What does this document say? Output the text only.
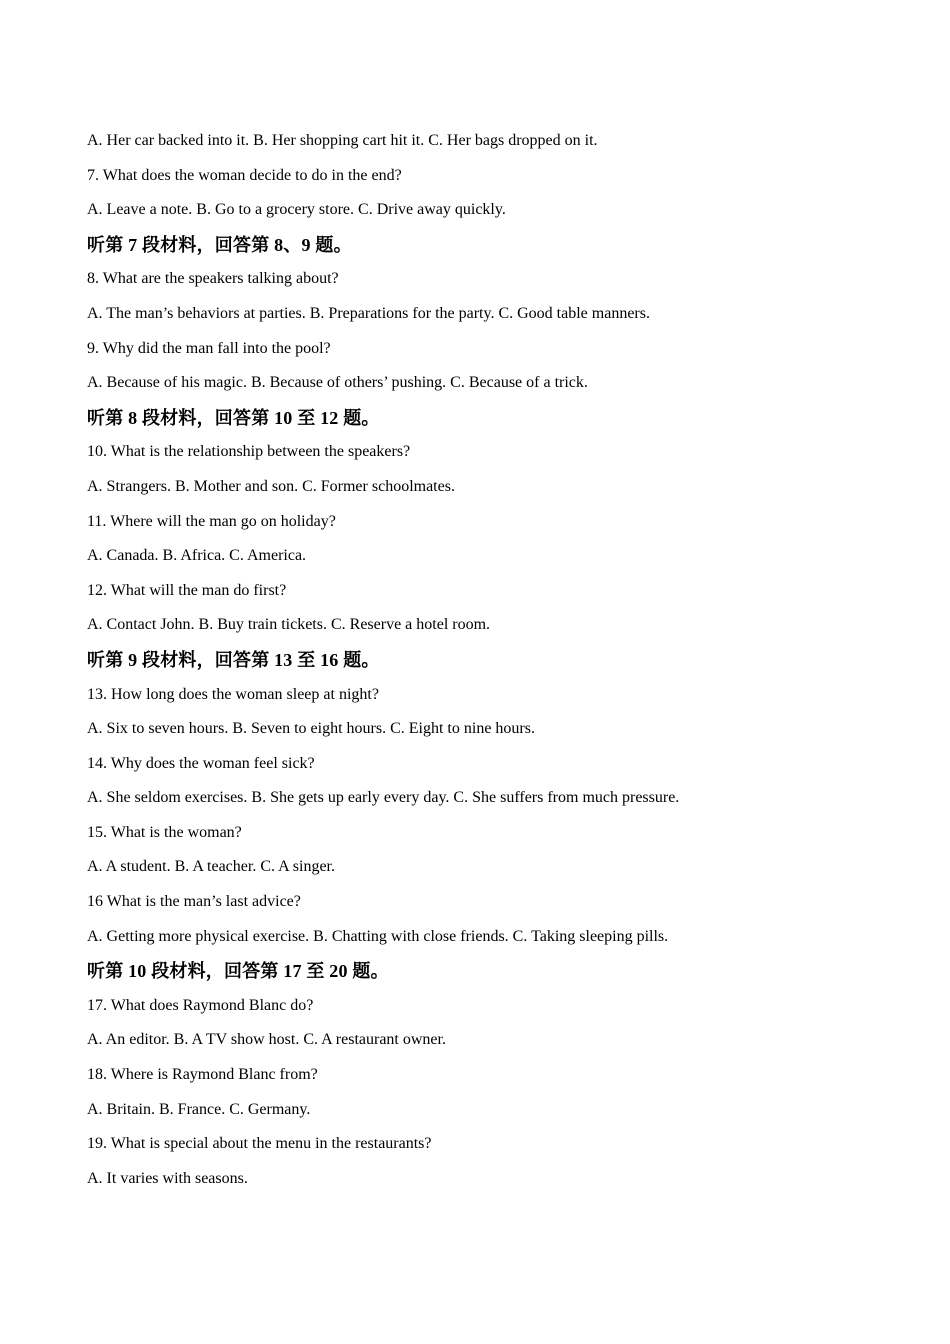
A. Her car backed into it. B. Her shopping cart hit it. C. Her bags dropped on it.
7. What does the woman decide to do in the end?
A. Leave a note. B. Go to a grocery store. C. Drive away quickly.
听第 7 段材料，回答第 8、9 题。
8. What are the speakers talking about?
A. The man’s behaviors at parties. B. Preparations for the party. C. Good table manners.
9. Why did the man fall into the pool?
A. Because of his magic. B. Because of others’ pushing. C. Because of a trick.
听第 8 段材料，回答第 10 至 12 题。
10. What is the relationship between the speakers?
A. Strangers. B. Mother and son. C. Former schoolmates.
11. Where will the man go on holiday?
A. Canada. B. Africa. C. America.
12. What will the man do first?
A. Contact John. B. Buy train tickets. C. Reserve a hotel room.
听第 9 段材料，回答第 13 至 16 题。
13. How long does the woman sleep at night?
A. Six to seven hours. B. Seven to eight hours. C. Eight to nine hours.
14. Why does the woman feel sick?
A. She seldom exercises. B. She gets up early every day. C. She suffers from much pressure.
15. What is the woman?
A. A student. B. A teacher. C. A singer.
16 What is the man’s last advice?
A. Getting more physical exercise. B. Chatting with close friends. C. Taking sleeping pills.
听第 10 段材料，回答第 17 至 20 题。
17. What does Raymond Blanc do?
A. An editor. B. A TV show host. C. A restaurant owner.
18. Where is Raymond Blanc from?
A. Britain. B. France. C. Germany.
19. What is special about the menu in the restaurants?
A. It varies with seasons.
